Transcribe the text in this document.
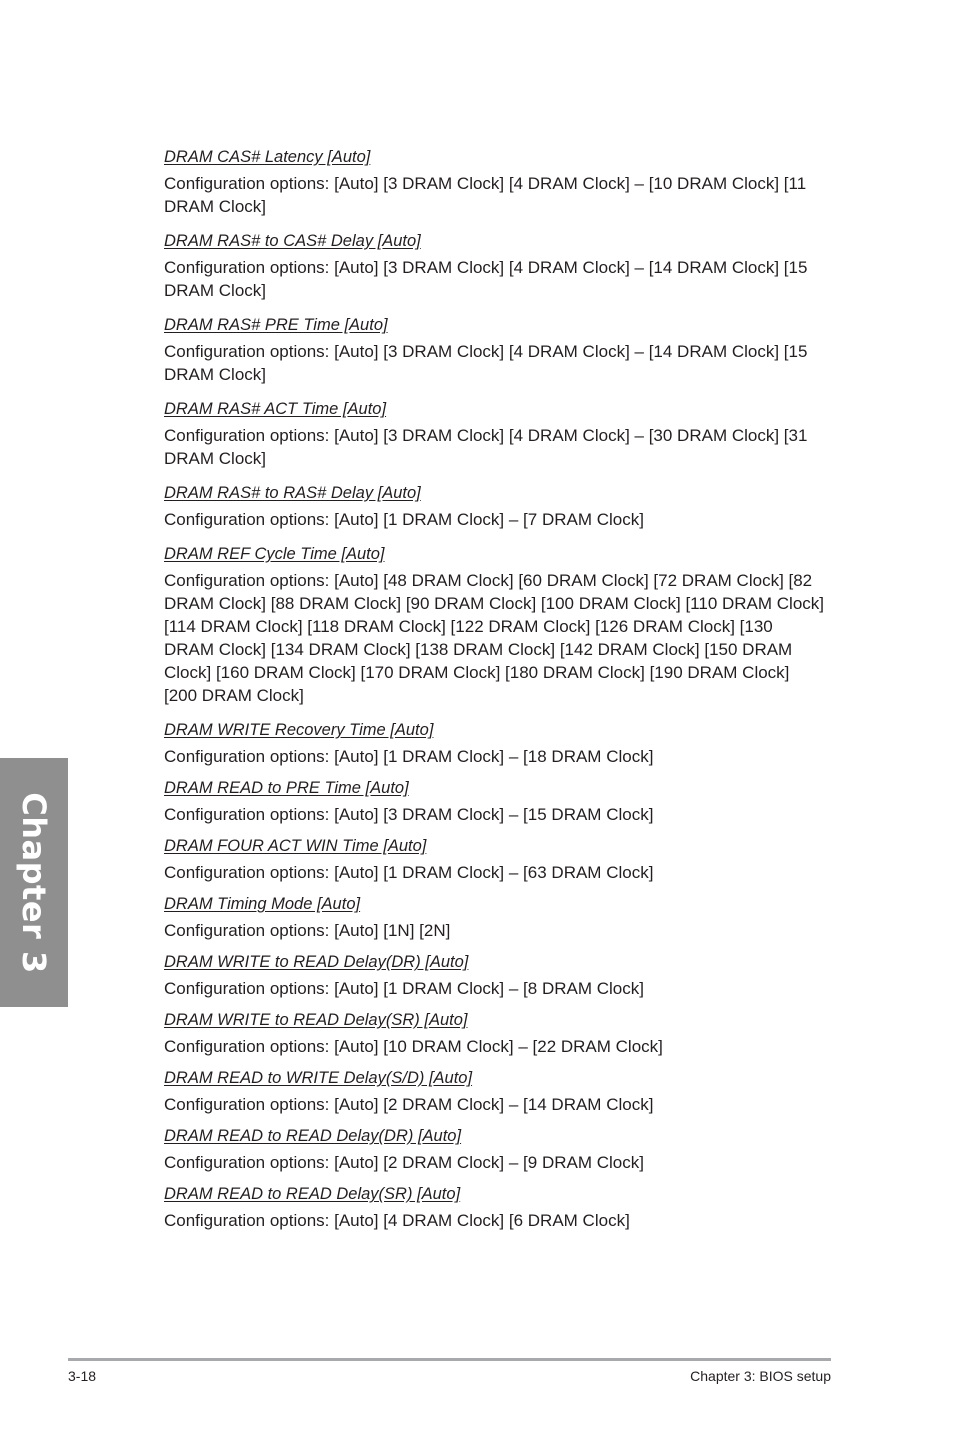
Chapter 3
DRAM CAS# Latency [Auto]
Configuration options: [Auto] [3 DRAM Clock] [4 DRAM Clock] – [10 DRAM Clock] [11 DRAM Clock]
DRAM RAS# to CAS# Delay [Auto]
Configuration options: [Auto] [3 DRAM Clock] [4 DRAM Clock] – [14 DRAM Clock] [15 DRAM Clock]
DRAM RAS# PRE Time [Auto]
Configuration options: [Auto] [3 DRAM Clock] [4 DRAM Clock] – [14 DRAM Clock] [15 DRAM Clock]
DRAM RAS# ACT Time [Auto]
Configuration options: [Auto] [3 DRAM Clock] [4 DRAM Clock] – [30 DRAM Clock] [31 DRAM Clock]
DRAM RAS# to RAS# Delay [Auto]
Configuration options: [Auto] [1 DRAM Clock] – [7 DRAM Clock]
DRAM REF Cycle Time [Auto]
Configuration options: [Auto] [48 DRAM Clock] [60 DRAM Clock] [72 DRAM Clock] [82 DRAM Clock] [88 DRAM Clock] [90 DRAM Clock] [100 DRAM Clock] [110 DRAM Clock] [114 DRAM Clock] [118 DRAM Clock] [122 DRAM Clock] [126 DRAM Clock] [130 DRAM Clock] [134 DRAM Clock] [138 DRAM Clock] [142 DRAM Clock] [150 DRAM Clock] [160 DRAM Clock] [170 DRAM Clock] [180 DRAM Clock] [190 DRAM Clock] [200 DRAM Clock]
DRAM WRITE Recovery Time [Auto]
Configuration options: [Auto] [1 DRAM Clock] – [18 DRAM Clock]
DRAM READ to PRE Time [Auto]
Configuration options: [Auto] [3 DRAM Clock] – [15 DRAM Clock]
DRAM FOUR ACT WIN Time [Auto]
Configuration options: [Auto] [1 DRAM Clock] – [63 DRAM Clock]
DRAM Timing Mode [Auto]
Configuration options: [Auto] [1N] [2N]
DRAM WRITE to READ Delay(DR) [Auto]
Configuration options: [Auto] [1 DRAM Clock] – [8 DRAM Clock]
DRAM WRITE to READ Delay(SR) [Auto]
Configuration options: [Auto] [10 DRAM Clock] – [22 DRAM Clock]
DRAM READ to WRITE Delay(S/D) [Auto]
Configuration options: [Auto] [2 DRAM Clock] – [14 DRAM Clock]
DRAM READ to READ Delay(DR) [Auto]
Configuration options: [Auto] [2 DRAM Clock] – [9 DRAM Clock]
DRAM READ to READ Delay(SR) [Auto]
Configuration options: [Auto] [4 DRAM Clock] [6 DRAM Clock]
3-18	Chapter 3: BIOS setup
